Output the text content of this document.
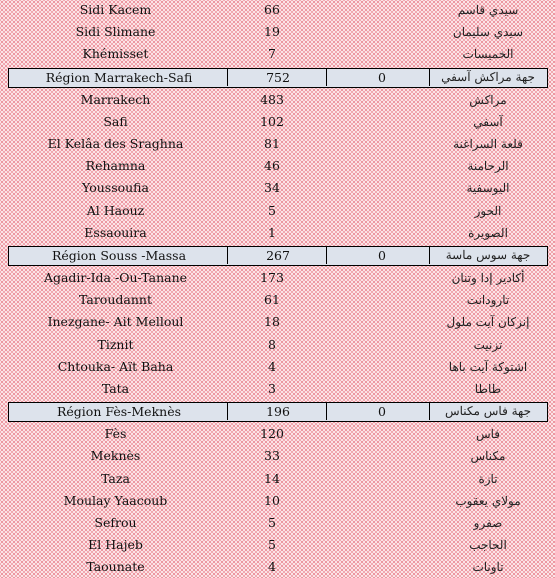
Sidi Kacem	66	سيدي قاسم
Sidi Slimane	19	سيدي سليمان
Khémisset	7	الخميسات
Région Marrakech-Safi	752	0	جهة مراكش آسفي
Marrakech	483	مراكش
Safi	102	آسفي
El Kelâa des Sraghna	81	قلعة السراغنة
Rehamna	46	الرحامنة
Youssoufia	34	اليوسفية
Al Haouz	5	الحوز
Essaouira	1	الصويرة
Région Souss -Massa	267	0	جهة سوس ماسة
Agadir-Ida -Ou-Tanane	173	أكادير إدا وتنان
Taroudannt	61	تارودانت
Inezgane- Ait Melloul	18	إنزكان آيت ملول
Tiznit	8	تزنيت
Chtouka- Aït Baha	4	اشتوكة آيت باها
Tata	3	طاطا
Région Fès-Meknès	196	0	جهة فاس مكناس
Fès	120	فاس
Meknès	33	مكناس
Taza	14	تازة
Moulay Yaacoub	10	مولاي يعقوب
Sefrou	5	صفرو
El Hajeb	5	الحاجب
Taounate	4	تاونات
